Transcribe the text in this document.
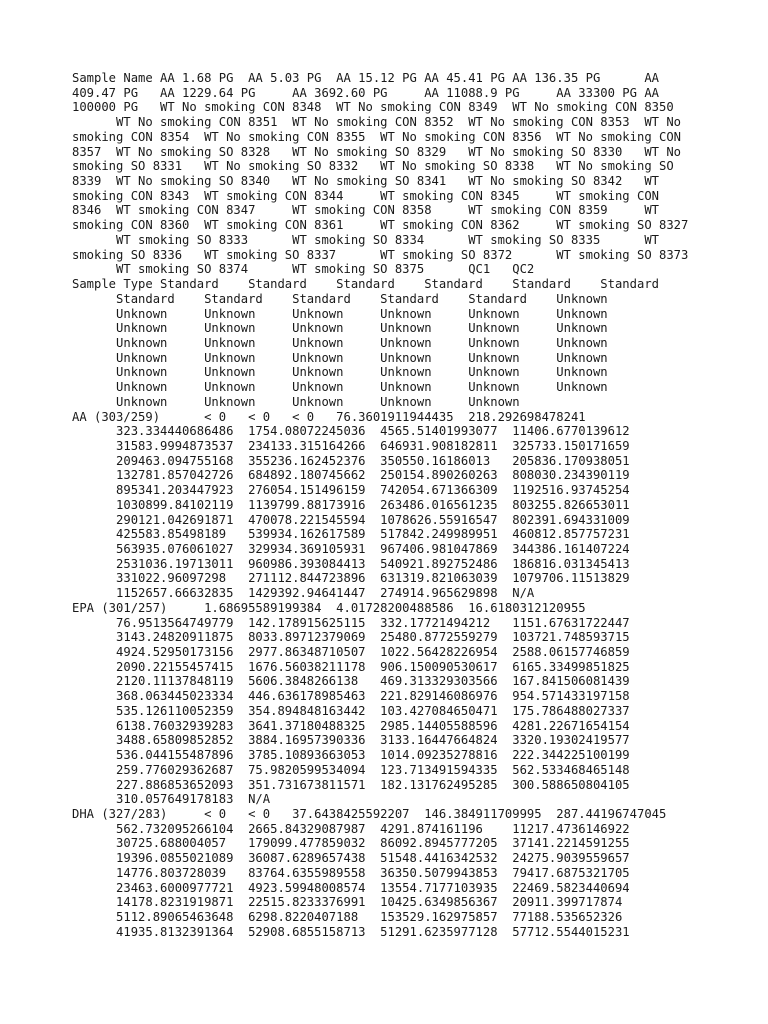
Sample Name AA 1.68 PG  AA 5.03 PG  AA 15.12 PG AA 45.41 PG AA 136.35 PG      AA
409.47 PG   AA 1229.64 PG     AA 3692.60 PG     AA 11088.9 PG     AA 33300 PG AA
100000 PG   WT No smoking CON 8348  WT No smoking CON 8349  WT No smoking CON 8350
WT No smoking CON 8351  WT No smoking CON 8352  WT No smoking CON 8353  WT No
smoking CON 8354  WT No smoking CON 8355  WT No smoking CON 8356  WT No smoking CON
8357  WT No smoking SO 8328   WT No smoking SO 8329   WT No smoking SO 8330   WT No
smoking SO 8331   WT No smoking SO 8332   WT No smoking SO 8338   WT No smoking SO
8339  WT No smoking SO 8340   WT No smoking SO 8341   WT No smoking SO 8342   WT
smoking CON 8343  WT smoking CON 8344     WT smoking CON 8345     WT smoking CON
8346  WT smoking CON 8347     WT smoking CON 8358     WT smoking CON 8359     WT
smoking CON 8360  WT smoking CON 8361     WT smoking CON 8362     WT smoking SO 8327
WT smoking SO 8333      WT smoking SO 8334      WT smoking SO 8335      WT
smoking SO 8336   WT smoking SO 8337      WT smoking SO 8372      WT smoking SO 8373
WT smoking SO 8374      WT smoking SO 8375      QC1   QC2
Sample Type Standard    Standard    Standard    Standard    Standard    Standard
Standard    Standard    Standard    Standard    Standard    Unknown
Unknown     Unknown     Unknown     Unknown     Unknown     Unknown
Unknown     Unknown     Unknown     Unknown     Unknown     Unknown
Unknown     Unknown     Unknown     Unknown     Unknown     Unknown
Unknown     Unknown     Unknown     Unknown     Unknown     Unknown
Unknown     Unknown     Unknown     Unknown     Unknown     Unknown
Unknown     Unknown     Unknown     Unknown     Unknown     Unknown
Unknown     Unknown     Unknown     Unknown     Unknown
AA (303/259)      < 0   < 0   < 0   76.3601911944435  218.292698478241
323.334440686486  1754.08072245036  4565.51401993077  11406.6770139612
31583.9994873537  234133.315164266  646931.908182811  325733.150171659
209463.094755168  355236.162452376  350550.16186013   205836.170938051
132781.857042726  684892.180745662  250154.890260263  808030.234390119
895341.203447923  276054.151496159  742054.671366309  1192516.93745254
1030899.84102119  1139799.88173916  263486.016561235  803255.826653011
290121.042691871  470078.221545594  1078626.55916547  802391.694331009
425583.85498189   539934.162617589  517842.249989951  460812.857757231
563935.076061027  329934.369105931  967406.981047869  344386.161407224
2531036.19713011  960986.393084413  540921.892752486  186816.031345413
331022.96097298   271112.844723896  631319.821063039  1079706.11513829
1152657.66632835  1429392.94641447  274914.965629898  N/A
EPA (301/257)     1.68695589199384  4.01728200488586  16.6180312120955
76.9513564749779  142.178915625115  332.17721494212   1151.67631722447
3143.24820911875  8033.89712379069  25480.8772559279  103721.748593715
4924.52950173156  2977.86348710507  1022.56428226954  2588.06157746859
2090.22155457415  1676.56038211178  906.150090530617  6165.33499851825
2120.11137848119  5606.3848266138   469.313329303566  167.841506081439
368.063445023334  446.636178985463  221.829146086976  954.571433197158
535.126110052359  354.894848163442  103.427084650471  175.786488027337
6138.76032939283  3641.37180488325  2985.14405588596  4281.22671654154
3488.65809852852  3884.16957390336  3133.16447664824  3320.19302419577
536.044155487896  3785.10893663053  1014.09235278816  222.344225100199
259.776029362687  75.9820599534094  123.713491594335  562.533468465148
227.886853652093  351.731673811571  182.131762495285  300.588650804105
310.057649178183  N/A
DHA (327/283)     < 0   < 0   37.6438425592207  146.384911709995  287.44196747045
562.732095266104  2665.84329087987  4291.874161196    11217.4736146922
30725.688004057   179099.477859032  86092.8945777205  37141.2214591255
19396.0855021089  36087.6289657438  51548.4416342532  24275.9039559657
14776.803728039   83764.6355989558  36350.5079943853  79417.6875321705
23463.6000977721  4923.59948008574  13554.7177103935  22469.5823440694
14178.8231919871  22515.8233376991  10425.6349856367  20911.399717874
5112.89065463648  6298.8220407188   153529.162975857  77188.535652326
41935.8132391364  52908.6855158713  51291.6235977128  57712.5544015231
